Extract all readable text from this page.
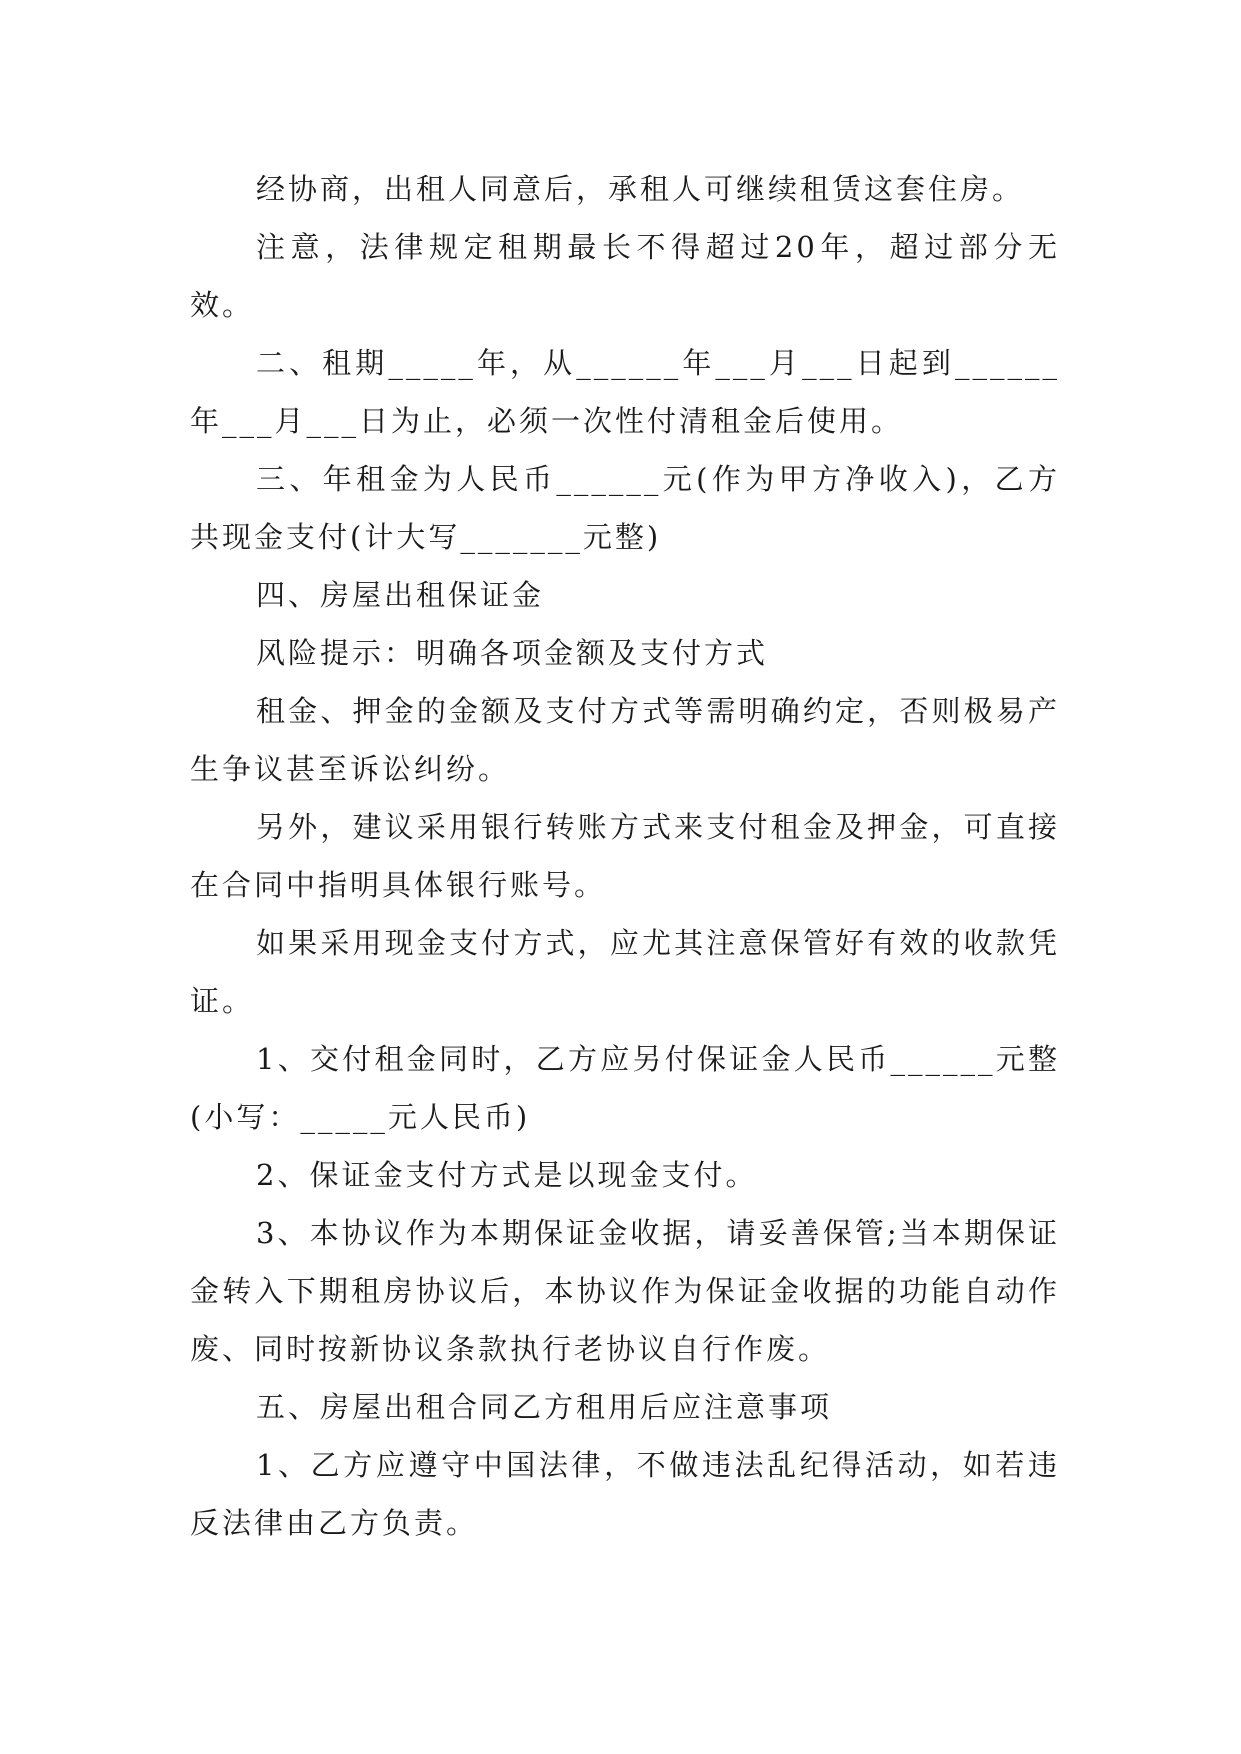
经协商，出租人同意后，承租人可继续租赁这套住房。

注意，法律规定租期最长不得超过20年，超过部分无效。

二、租期_____年，从______年___月___日起到______年___月___日为止，必须一次性付清租金后使用。

三、年租金为人民币______元(作为甲方净收入)，乙方共现金支付(计大写_______元整)

四、房屋出租保证金

风险提示：明确各项金额及支付方式

租金、押金的金额及支付方式等需明确约定，否则极易产生争议甚至诉讼纠纷。

另外，建议采用银行转账方式来支付租金及押金，可直接在合同中指明具体银行账号。

如果采用现金支付方式，应尤其注意保管好有效的收款凭证。

1、交付租金同时，乙方应另付保证金人民币______元整(小写：_____元人民币)

2、保证金支付方式是以现金支付。

3、本协议作为本期保证金收据，请妥善保管;当本期保证金转入下期租房协议后，本协议作为保证金收据的功能自动作废、同时按新协议条款执行老协议自行作废。

五、房屋出租合同乙方租用后应注意事项

1、乙方应遵守中国法律，不做违法乱纪得活动，如若违反法律由乙方负责。
